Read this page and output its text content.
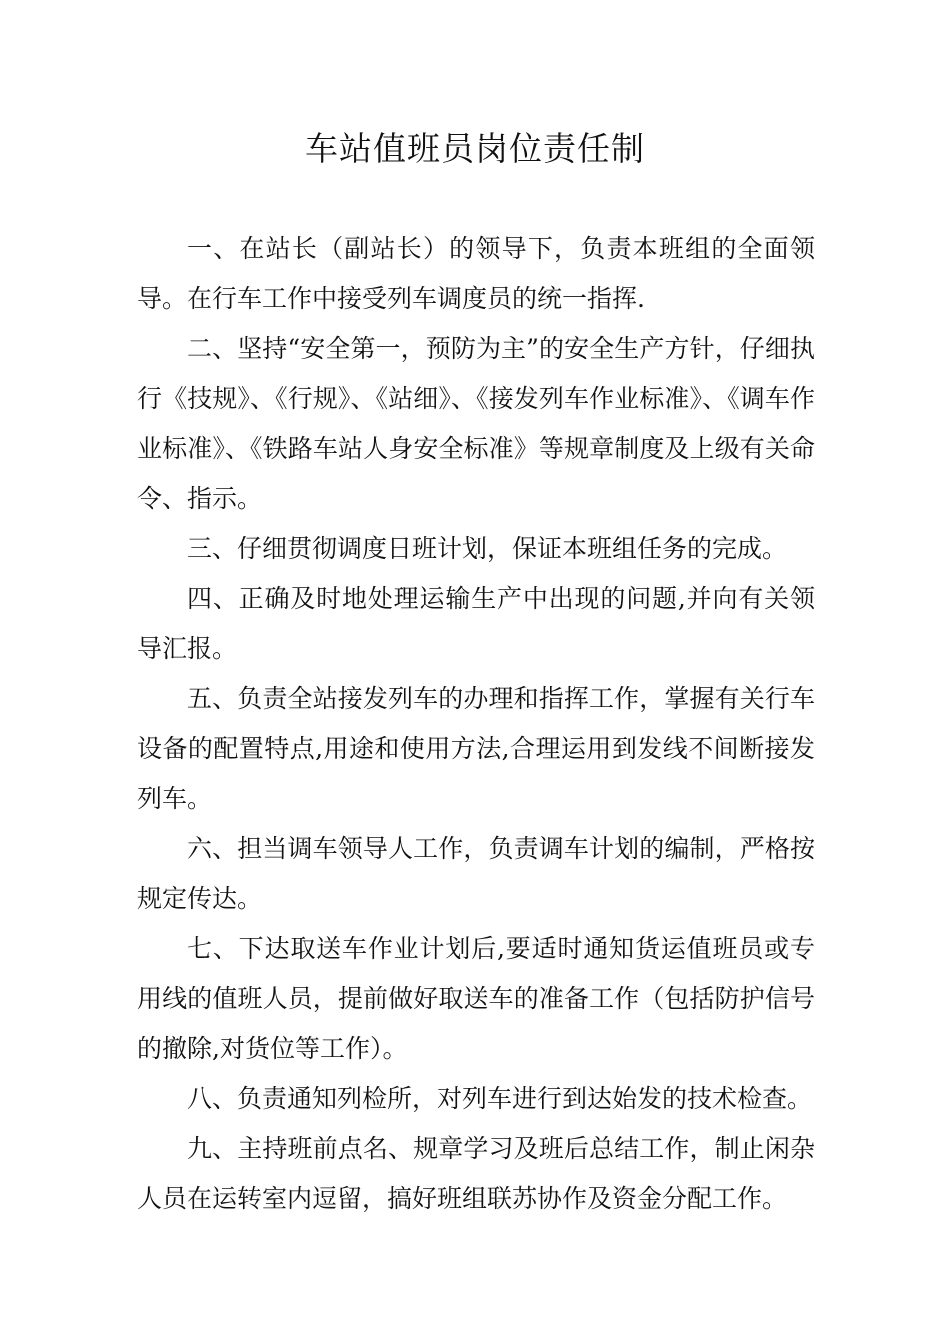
车站值班员岗位责任制

一、在站长（副站长）的领导下，负责本班组的全面领导。在行车工作中接受列车调度员的统一指挥.

二、坚持“安全第一，预防为主”的安全生产方针，仔细执行《技规》、《行规》、《站细》、《接发列车作业标准》、《调车作业标准》、《铁路车站人身安全标准》等规章制度及上级有关命令、指示。

三、仔细贯彻调度日班计划，保证本班组任务的完成。

四、正确及时地处理运输生产中出现的问题,并向有关领导汇报。

五、负责全站接发列车的办理和指挥工作，掌握有关行车设备的配置特点,用途和使用方法,合理运用到发线不间断接发列车。

六、担当调车领导人工作，负责调车计划的编制，严格按规定传达。

七、下达取送车作业计划后,要适时通知货运值班员或专用线的值班人员，提前做好取送车的准备工作（包括防护信号的撤除,对货位等工作）。

八、负责通知列检所，对列车进行到达始发的技术检查。

九、主持班前点名、规章学习及班后总结工作，制止闲杂人员在运转室内逗留，搞好班组联苏协作及资金分配工作。
